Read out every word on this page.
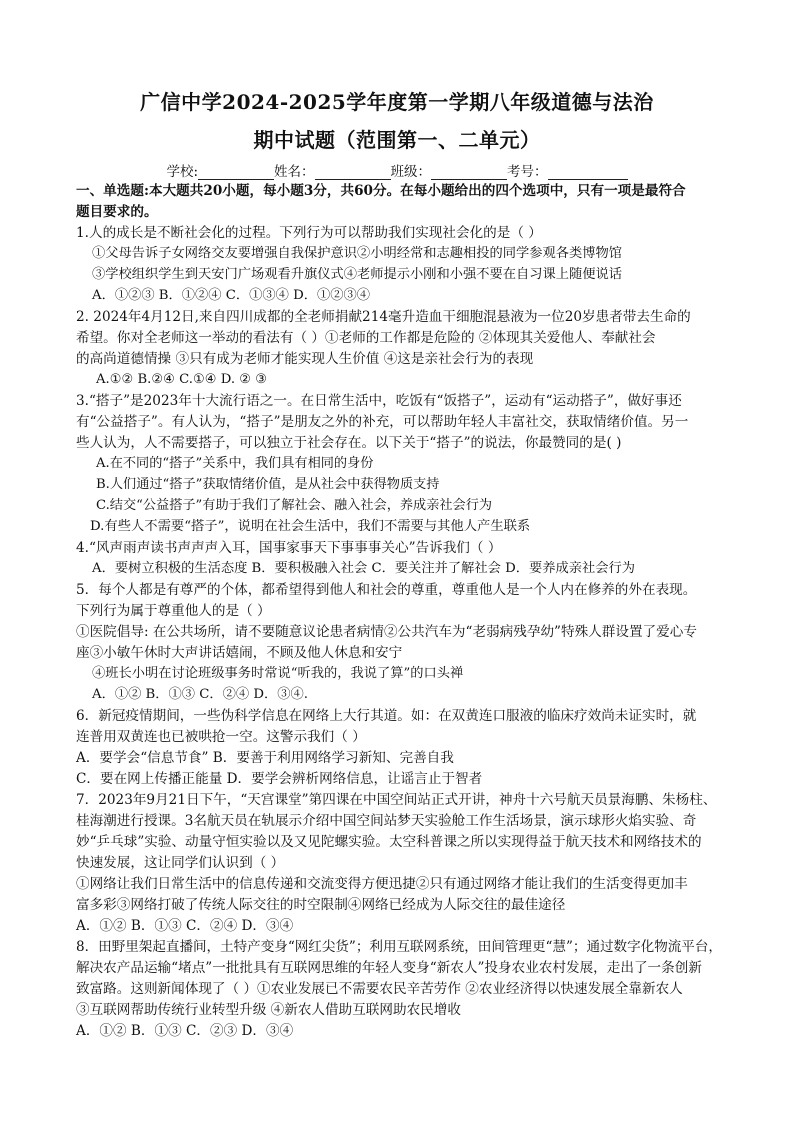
广信中学2024-2025学年度第一学期八年级道德与法治
期中试题（范围第一、二单元）
学校:	姓名：	班级：	考号：
一、单选题:本大题共20小题，每小题3分，共60分。在每小题给出的四个选项中，只有一项是最符合
题目要求的。
1.人的成长是不断社会化的过程。下列行为可以帮助我们实现社会化的是（ ）
①父母告诉子女网络交友要增强自我保护意识②小明经常和志趣相投的同学参观各类博物馆
③学校组织学生到天安门广场观看升旗仪式④老师提示小刚和小强不要在自习课上随便说话
A．①②③ B．①②④ C．①③④ D．①②③④
2. 2024年4月12日,来自四川成都的全老师捐献214毫升造血干细胞混悬液为一位20岁患者带去生命的
希望。你对全老师这一举动的看法有（ ）①老师的工作都是危险的 ②体现其关爱他人、奉献社会
的高尚道德情操 ③只有成为老师才能实现人生价值 ④这是亲社会行为的表现
A.①② B.②④ C.①④ D. ② ③
3.“搭子”是2023年十大流行语之一。在日常生活中，吃饭有“饭搭子”，运动有“运动搭子”，做好事还
有“公益搭子”。有人认为，“搭子”是朋友之外的补充，可以帮助年轻人丰富社交，获取情绪价值。另一
些人认为，人不需要搭子，可以独立于社会存在。以下关于“搭子”的说法，你最赞同的是( )
A.在不同的“搭子”关系中，我们具有相同的身份
B.人们通过“搭子”获取情绪价值，是从社会中获得物质支持
C.结交“公益搭子”有助于我们了解社会、融入社会，养成亲社会行为
D.有些人不需要“搭子”，说明在社会生活中，我们不需要与其他人产生联系
4.“风声雨声读书声声声入耳，国事家事天下事事事关心”告诉我们（ ）
A．要树立积极的生活态度 B．要积极融入社会 C．要关注并了解社会 D．要养成亲社会行为
5．每个人都是有尊严的个体，都希望得到他人和社会的尊重，尊重他人是一个人内在修养的外在表现。
下列行为属于尊重他人的是（ ）
①医院倡导: 在公共场所，请不要随意议论患者病情②公共汽车为“老弱病残孕幼”特殊人群设置了爱心专
座③小敏午休时大声讲话嬉闹，不顾及他人休息和安宁
④班长小明在讨论班级事务时常说“听我的，我说了算”的口头禅
A．①② B．①③ C．②④ D．③④.
6．新冠疫情期间，一些伪科学信息在网络上大行其道。如：在双黄连口服液的临床疗效尚未证实时，就
连普用双黄连也已被哄抢一空。这警示我们（ ）
A．要学会“信息节食” B．要善于利用网络学习新知、完善自我
C．要在网上传播正能量 D．要学会辨析网络信息，让谣言止于智者
7．2023年9月21日下午，“天宫课堂”第四课在中国空间站正式开讲，神舟十六号航天员景海鹏、朱杨柱、
桂海潮进行授课。3名航天员在轨展示介绍中国空间站梦天实验舱工作生活场景，演示球形火焰实验、奇
妙“乒乓球”实验、动量守恒实验以及又见陀螺实验。太空科普课之所以实现得益于航天技术和网络技术的
快速发展，这让同学们认识到（ ）
①网络让我们日常生活中的信息传递和交流变得方便迅捷②只有通过网络才能让我们的生活变得更加丰
富多彩③网络打破了传统人际交往的时空限制④网络已经成为人际交往的最佳途径
A．①② B．①③ C．②④ D．③④
8．田野里架起直播间，土特产变身“网红尖货”；利用互联网系统，田间管理更“慧”；通过数字化物流平台，
解决农产品运输“堵点”一批批具有互联网思维的年轻人变身“新农人”投身农业农村发展，走出了一条创新
致富路。这则新闻体现了（ ）①农业发展已不需要农民辛苦劳作 ②农业经济得以快速发展全靠新农人
③互联网帮助传统行业转型升级 ④新农人借助互联网助农民增收
A．①② B．①③ C．②③ D．③④
